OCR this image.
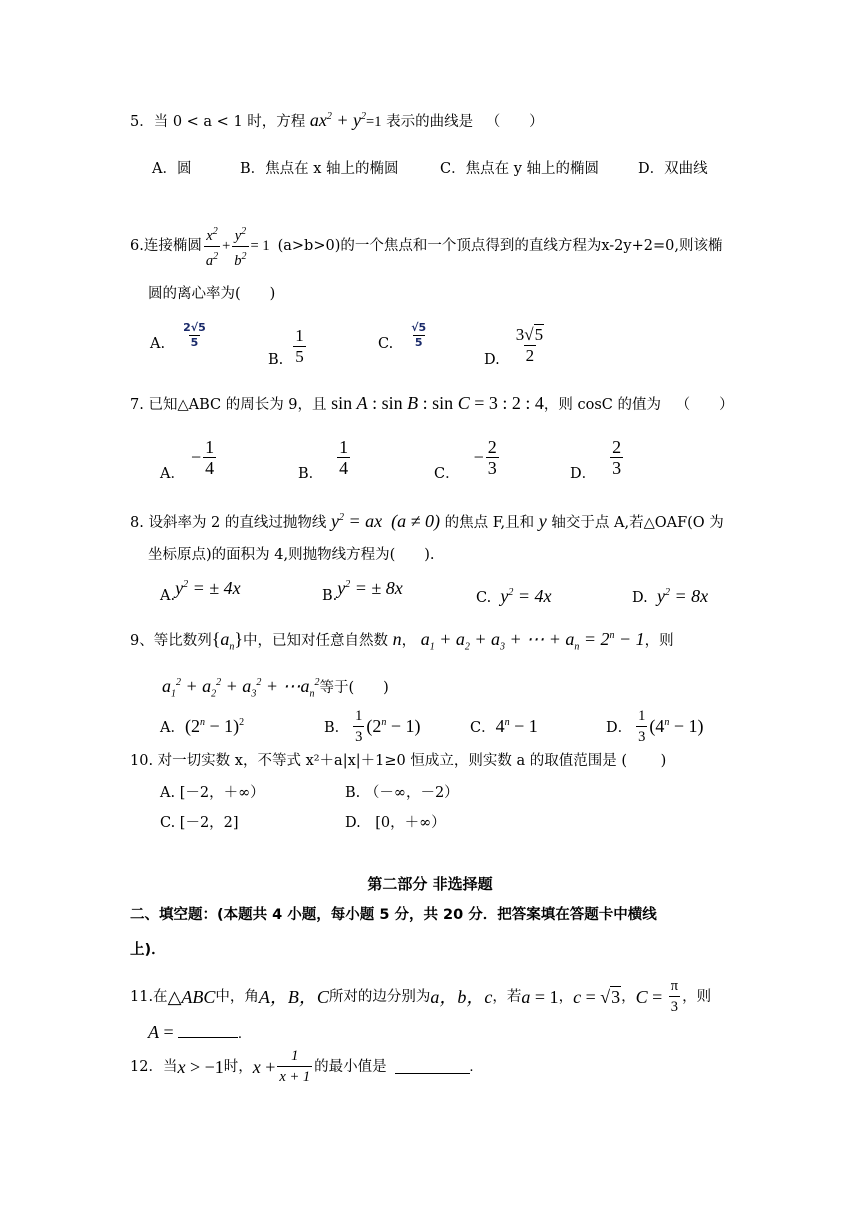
5．当 0 < a < 1 时，方程 $ax^2 + y^2=1$ 表示的曲线是 （　　）
A．圆	B．焦点在 x 轴上的椭圆	C．焦点在 y 轴上的椭圆	D．双曲线
6.连接椭圆 $\frac{x^2}{a^2} + \frac{y^2}{b^2} = 1$ (a>b>0)的一个焦点和一个顶点得到的直线方程为x-2y+2=0,则该椭
圆的离心率为(　　)
A. $\frac{2√5}{5}$
B. $\frac{1}{5}$	C. $\frac{√5}{5}$
D. $\frac{3√5}{2}$
7. 已知△ABC 的周长为 9，且 sin A : sin B : sin C = 3 : 2 : 4，则 cosC 的值为 （　　）
A．
− $\frac{1}{4}$	B． $\frac{1}{4}$	C．
− $\frac{2}{3}$	D． $\frac{2}{3}$
8. 设斜率为 2 的直线过抛物线 $y^2$ = ax  (a ≠ 0) 的焦点 F,且和 y 轴交于点 A,若△OAF(O 为
坐标原点)的面积为 4,则抛物线方程为(　　).
$A.y^2$ = ± 4x	$B.y^2$ = ± 8x	C. $y^2 = 4x$	D. $y^2 = 8x$
9、等比数列$\{a_n\}$中，已知对任意自然数 n， $a_1 + a_2 + a_3$ + ⋯ + $a_n = 2^n - 1$，则
$a_1^2 + a_2^2 + a_3^2$ + $\cdots a_n^2$等于(　　)
A．$(2^n - 1)^2$	B． $\frac{1}{3} (2^n - 1)$	C．$4^n - 1$	D． $\frac{1}{3} (4^n - 1)$
10. 对一切实数 x，不等式 x²＋a|x|＋1≥0 恒成立，则实数 a 的取值范围是 (　　 )
A. [－2，＋∞）	B. （－∞，－2）
C. [－2，2]	D.　[0，＋∞）
第二部分 非选择题
二、填空题：(本题共 4 小题，每小题 5 分，共 20 分．把答案填在答题卡中横线
上)．
11.在 △ABC 中，角 A，B，C 所对的边分别为 a，b，c ，若 a = 1 ， c = √3 ， $C = \frac{\pi}{3}$ ，则
A =	.
12．当 x > −1 时， $x + \frac{1}{x + 1}$ 的最小值是	.
